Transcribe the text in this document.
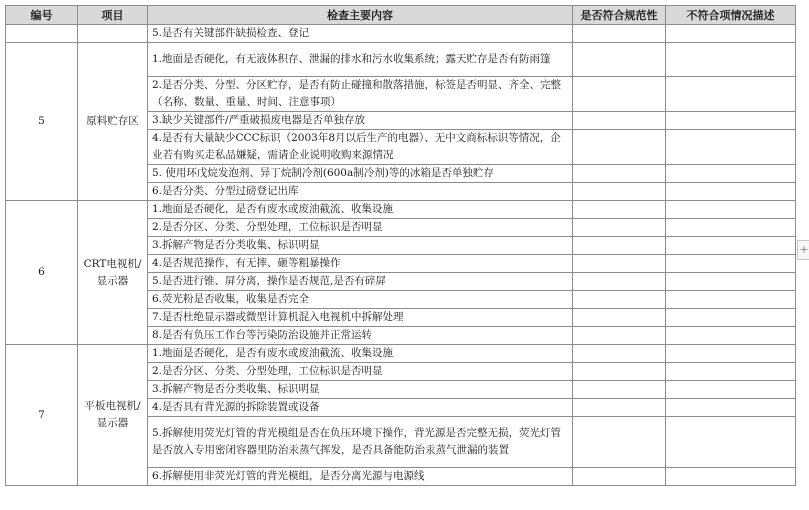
编号	项目	检查主要内容	是否符合规范性	不符合项情况描述
		5.是否有关键部件缺损检查、登记		
5	原料贮存区	1.地面是否硬化，有无液体积存、泄漏的排水和污水收集系统；露天贮存是否有防雨篷		
		2.是否分类、分型、分区贮存，是否有防止碰撞和散落措施，标签是否明显、齐全、完整（名称、数量、重量、时间、注意事项）		
		3.缺少关键部件/严重破损废电器是否单独存放		
		4.是否有大量缺少CCC标识（2003年8月以后生产的电器）、无中文商标标识等情况，企业若有购买走私品嫌疑，需请企业说明收购来源情况		
		5. 使用环戊烷发泡剂、异丁烷制冷剂(600a制冷剂)等的冰箱是否单独贮存		
		6.是否分类、分型过磅登记出库		
6	CRT电视机/显示器	1.地面是否硬化，是否有废水或废油截流、收集设施		
		2.是否分区、分类、分型处理，工位标识是否明显		
		3.拆解产物是否分类收集、标识明显		
		4.是否规范操作，有无摔、砸等粗暴操作		
		5.是否进行锥、屏分离，操作是否规范,是否有碎屏		
		6.荧光粉是否收集，收集是否完全		
		7.是否杜绝显示器或微型计算机混入电视机中拆解处理		
		8.是否有负压工作台等污染防治设施并正常运转		
7	平板电视机/显示器	1.地面是否硬化，是否有废水或废油截流、收集设施		
		2.是否分区、分类、分型处理，工位标识是否明显		
		3.拆解产物是否分类收集、标识明显		
		4.是否具有背光源的拆除装置或设备		
		5.拆解使用荧光灯管的背光模组是否在负压环境下操作，背光源是否完整无损，荧光灯管是否放入专用密闭容器里防治汞蒸气挥发，是否具备能防治汞蒸气泄漏的装置		
		6.拆解使用非荧光灯管的背光模组，是否分离光源与电源线		
+
